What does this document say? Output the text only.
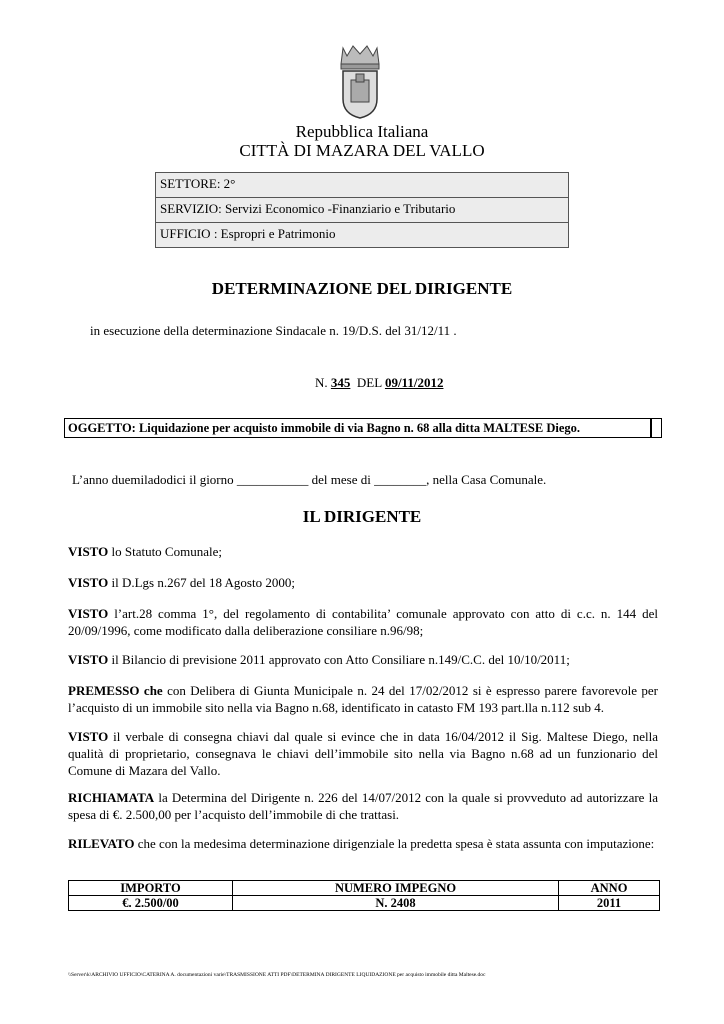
Repubblica Italiana
CITTÀ DI MAZARA DEL VALLO
SETTORE: 2°
SERVIZIO: Servizi Economico -Finanziario e Tributario
UFFICIO : Espropri e Patrimonio
DETERMINAZIONE DEL DIRIGENTE
in esecuzione della determinazione Sindacale n. 19/D.S. del 31/12/11 .
N. 345 DEL 09/11/2012
OGGETTO: Liquidazione per acquisto immobile di via Bagno n. 68 alla ditta MALTESE Diego.
L’anno duemiladodici il giorno ___________ del mese di ________, nella Casa Comunale.
IL DIRIGENTE
VISTO lo Statuto Comunale;
VISTO il D.Lgs n.267 del 18 Agosto 2000;
VISTO l’art.28 comma 1°, del regolamento di contabilita’ comunale approvato con atto di c.c. n. 144 del 20/09/1996, come modificato dalla deliberazione consiliare n.96/98;
VISTO il Bilancio di previsione 2011 approvato con Atto Consiliare n.149/C.C. del 10/10/2011;
PREMESSO che con Delibera di Giunta Municipale n. 24 del 17/02/2012 si è espresso parere favorevole per l’acquisto di un immobile sito nella via Bagno n.68, identificato in catasto FM 193 part.lla n.112 sub 4.
VISTO il verbale di consegna chiavi dal quale si evince che in data 16/04/2012 il Sig. Maltese Diego, nella qualità di proprietario, consegnava le chiavi dell’immobile sito nella via Bagno n.68 ad un funzionario del Comune di Mazara del Vallo.
RICHIAMATA la Determina del Dirigente n. 226 del 14/07/2012 con la quale si provveduto ad autorizzare la spesa di €. 2.500,00 per l’acquisto dell’immobile di che trattasi.
RILEVATO che con la medesima determinazione dirigenziale la predetta spesa è stata assunta con imputazione:
IMPORTO	NUMERO IMPEGNO	ANNO
€. 2.500/00	N. 2408	2011
\\Server\k\ARCHIVIO UFFICIO\CATERINA A. documentazioni varie\TRASMISSIONE ATTI PDF\DETERMINA DIRIGENTE LIQUIDAZIONE per acquisto immobile ditta Maltese.doc
